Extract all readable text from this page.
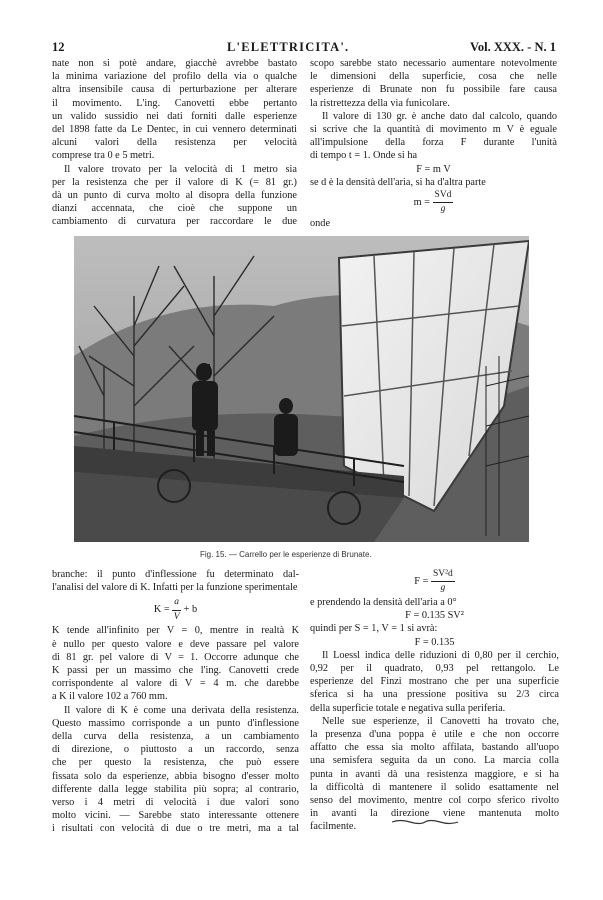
12	L'ELETTRICITA'.	Vol. XXX. - N. 1
nate non si potè andare, giacchè avrebbe bastato
la minima variazione del profilo della via o qualche
altra insensibile causa di perturbazione per alterare
il movimento. L'ing. Canovetti ebbe pertanto
un valido sussidio nei dati forniti dalle esperienze
del 1898 fatte da Le Dentec, in cui vennero determinati
alcuni valori della resistenza per velocità
comprese tra 0 e 5 metri.
Il valore trovato per la velocità di 1 metro sia
per la resistenza che per il valore di K (= 81 gr.)
dà un punto di curva molto al disopra della funzione
dianzi accennata, che cioè che suppone un
cambiamento di curvatura per raccordare le due
scopo sarebbe stato necessario aumentare notevolmente
le dimensioni della superficie, cosa che nelle
esperienze di Brunate non fu possibile fare causa
la ristrettezza della via funicolare.
Il valore di 130 gr. è anche dato dal calcolo, quando
si scrive che la quantità di movimento m V è eguale
all'impulsione della forza F durante l'unità
di tempo t = 1. Onde si ha
F = m V
se d è la densità dell'aria, si ha d'altra parte
$m = \frac{\text{SVd}}{g}$
onde
Fig. 15. — Carrello per le esperienze di Brunate.
branche: il punto d'inflessione fu determinato dal-
l'analisi del valore di K. Infatti per la funzione sperimentale
$K = \frac{a}{V} + b$
K tende all'infinito per V = 0, mentre in realtà K
è nullo per questo valore e deve passare pel valore
di 81 gr. pel valore di V = 1. Occorre adunque che
K passi per un massimo che l'ing. Canovetti crede
corrispondente al valore di V = 4 m. che darebbe
a K il valore 102 a 760 mm.
Il valore di K è come una derivata della resistenza.
Questo massimo corrisponde a un punto d'inflessione
della curva della resistenza, a un cambiamento
di direzione, o piuttosto a un raccordo, senza
che per questo la resistenza, che può essere
fissata solo da esperienze, abbia bisogno d'esser molto
differente dalla legge stabilita più sopra; al contrario,
verso i 4 metri di velocità i due valori sono
molto vicini. — Sarebbe stato interessante ottenere
i risultati con velocità di due o tre metri, ma a tal
$F = \frac{\text{SV²d}}{g}$
e prendendo la densità dell'aria a 0°
F = 0.135 SV²
quindi per S = 1, V = 1 si avrà:
F = 0.135
Il Loessl indica delle riduzioni di 0,80 per il cerchio,
0,92 per il quadrato, 0,93 pel rettangolo. Le
esperienze del Finzi mostrano che per una superficie
sferica si ha una pressione positiva su 2/3 circa
della superficie totale e negativa sulla periferia.
Nelle sue esperienze, il Canovetti ha trovato che,
la presenza d'una poppa è utile e che non occorre
affatto che essa sia molto affilata, bastando all'uopo
una semisfera seguita da un cono. La marcia colla
punta in avanti dà una resistenza maggiore, e si ha
la difficoltà di mantenere il solido esattamente nel
senso del movimento, mentre col corpo sferico rivolto
in avanti la direzione viene mantenuta molto
facilmente.
